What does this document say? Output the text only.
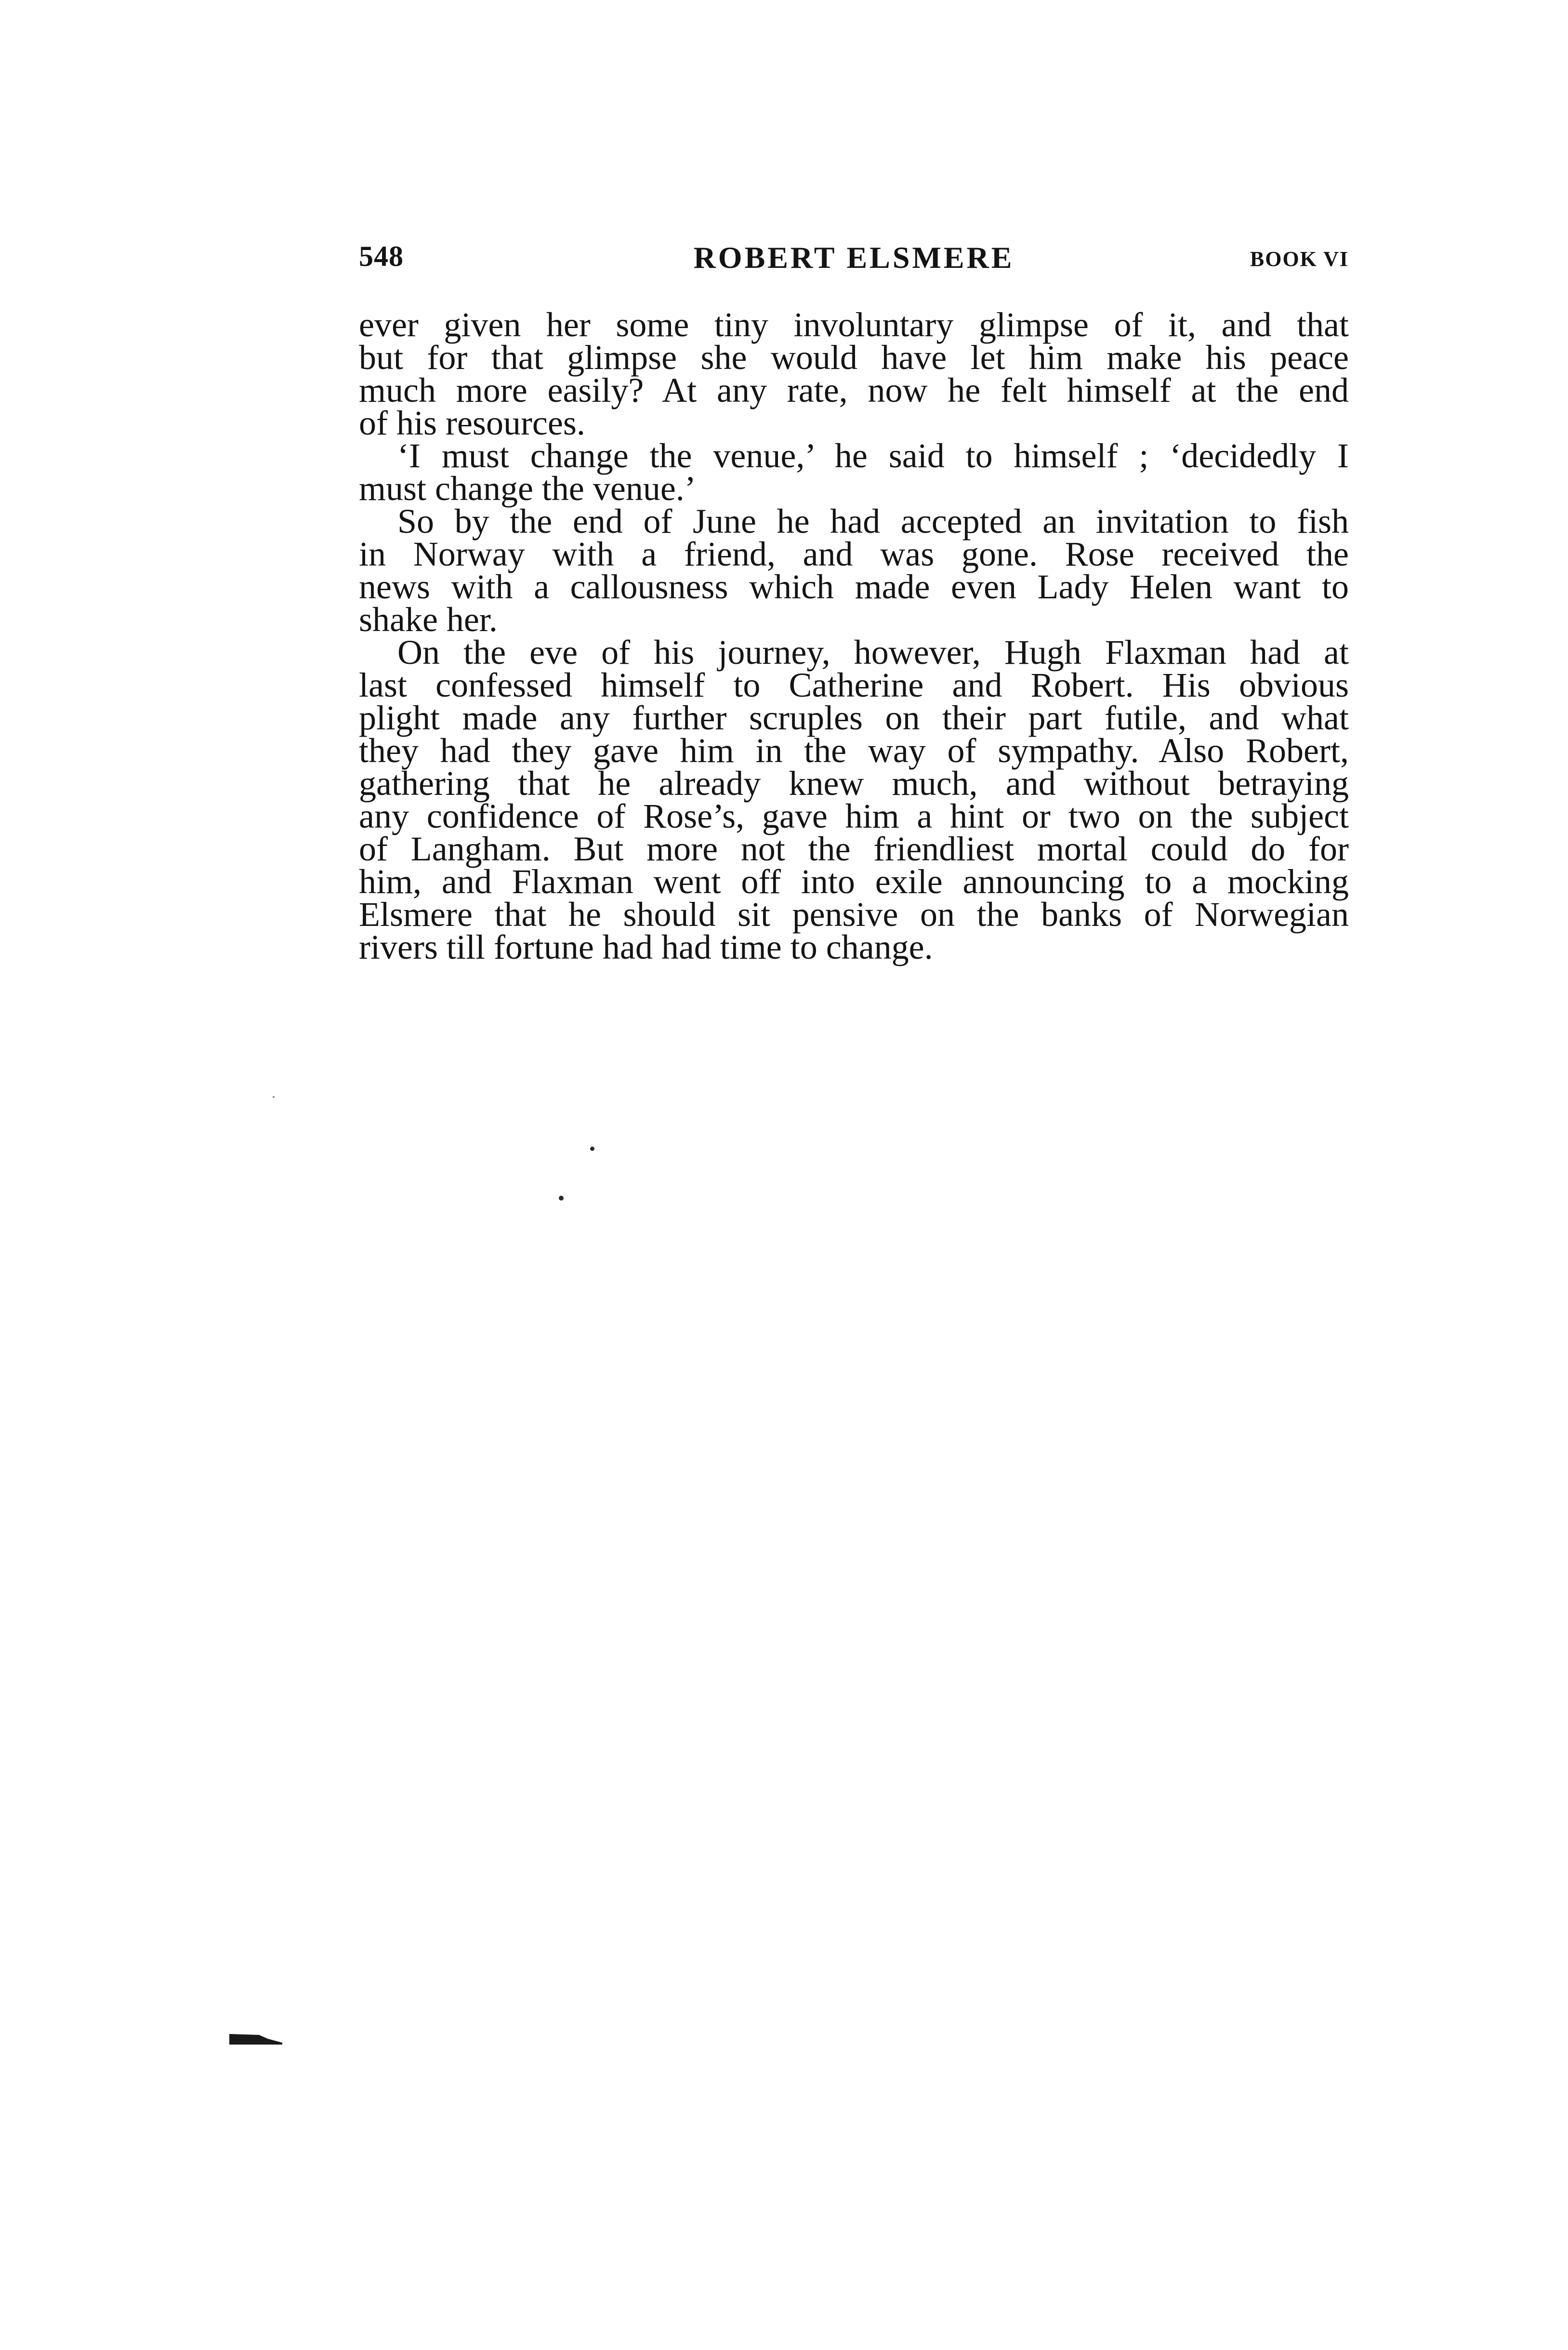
548	ROBERT ELSMERE	BOOK VI
ever given her some tiny involuntary glimpse of it, and that
but for that glimpse she would have let him make his peace
much more easily? At any rate, now he felt himself at the end
of his resources.
‘I must change the venue,’ he said to himself ; ‘decidedly I
must change the venue.’
So by the end of June he had accepted an invitation to fish
in Norway with a friend, and was gone. Rose received the
news with a callousness which made even Lady Helen want to
shake her.
On the eve of his journey, however, Hugh Flaxman had at
last confessed himself to Catherine and Robert. His obvious
plight made any further scruples on their part futile, and what
they had they gave him in the way of sympathy. Also Robert,
gathering that he already knew much, and without betraying
any confidence of Rose’s, gave him a hint or two on the subject
of Langham. But more not the friendliest mortal could do for
him, and Flaxman went off into exile announcing to a mocking
Elsmere that he should sit pensive on the banks of Norwegian
rivers till fortune had had time to change.
